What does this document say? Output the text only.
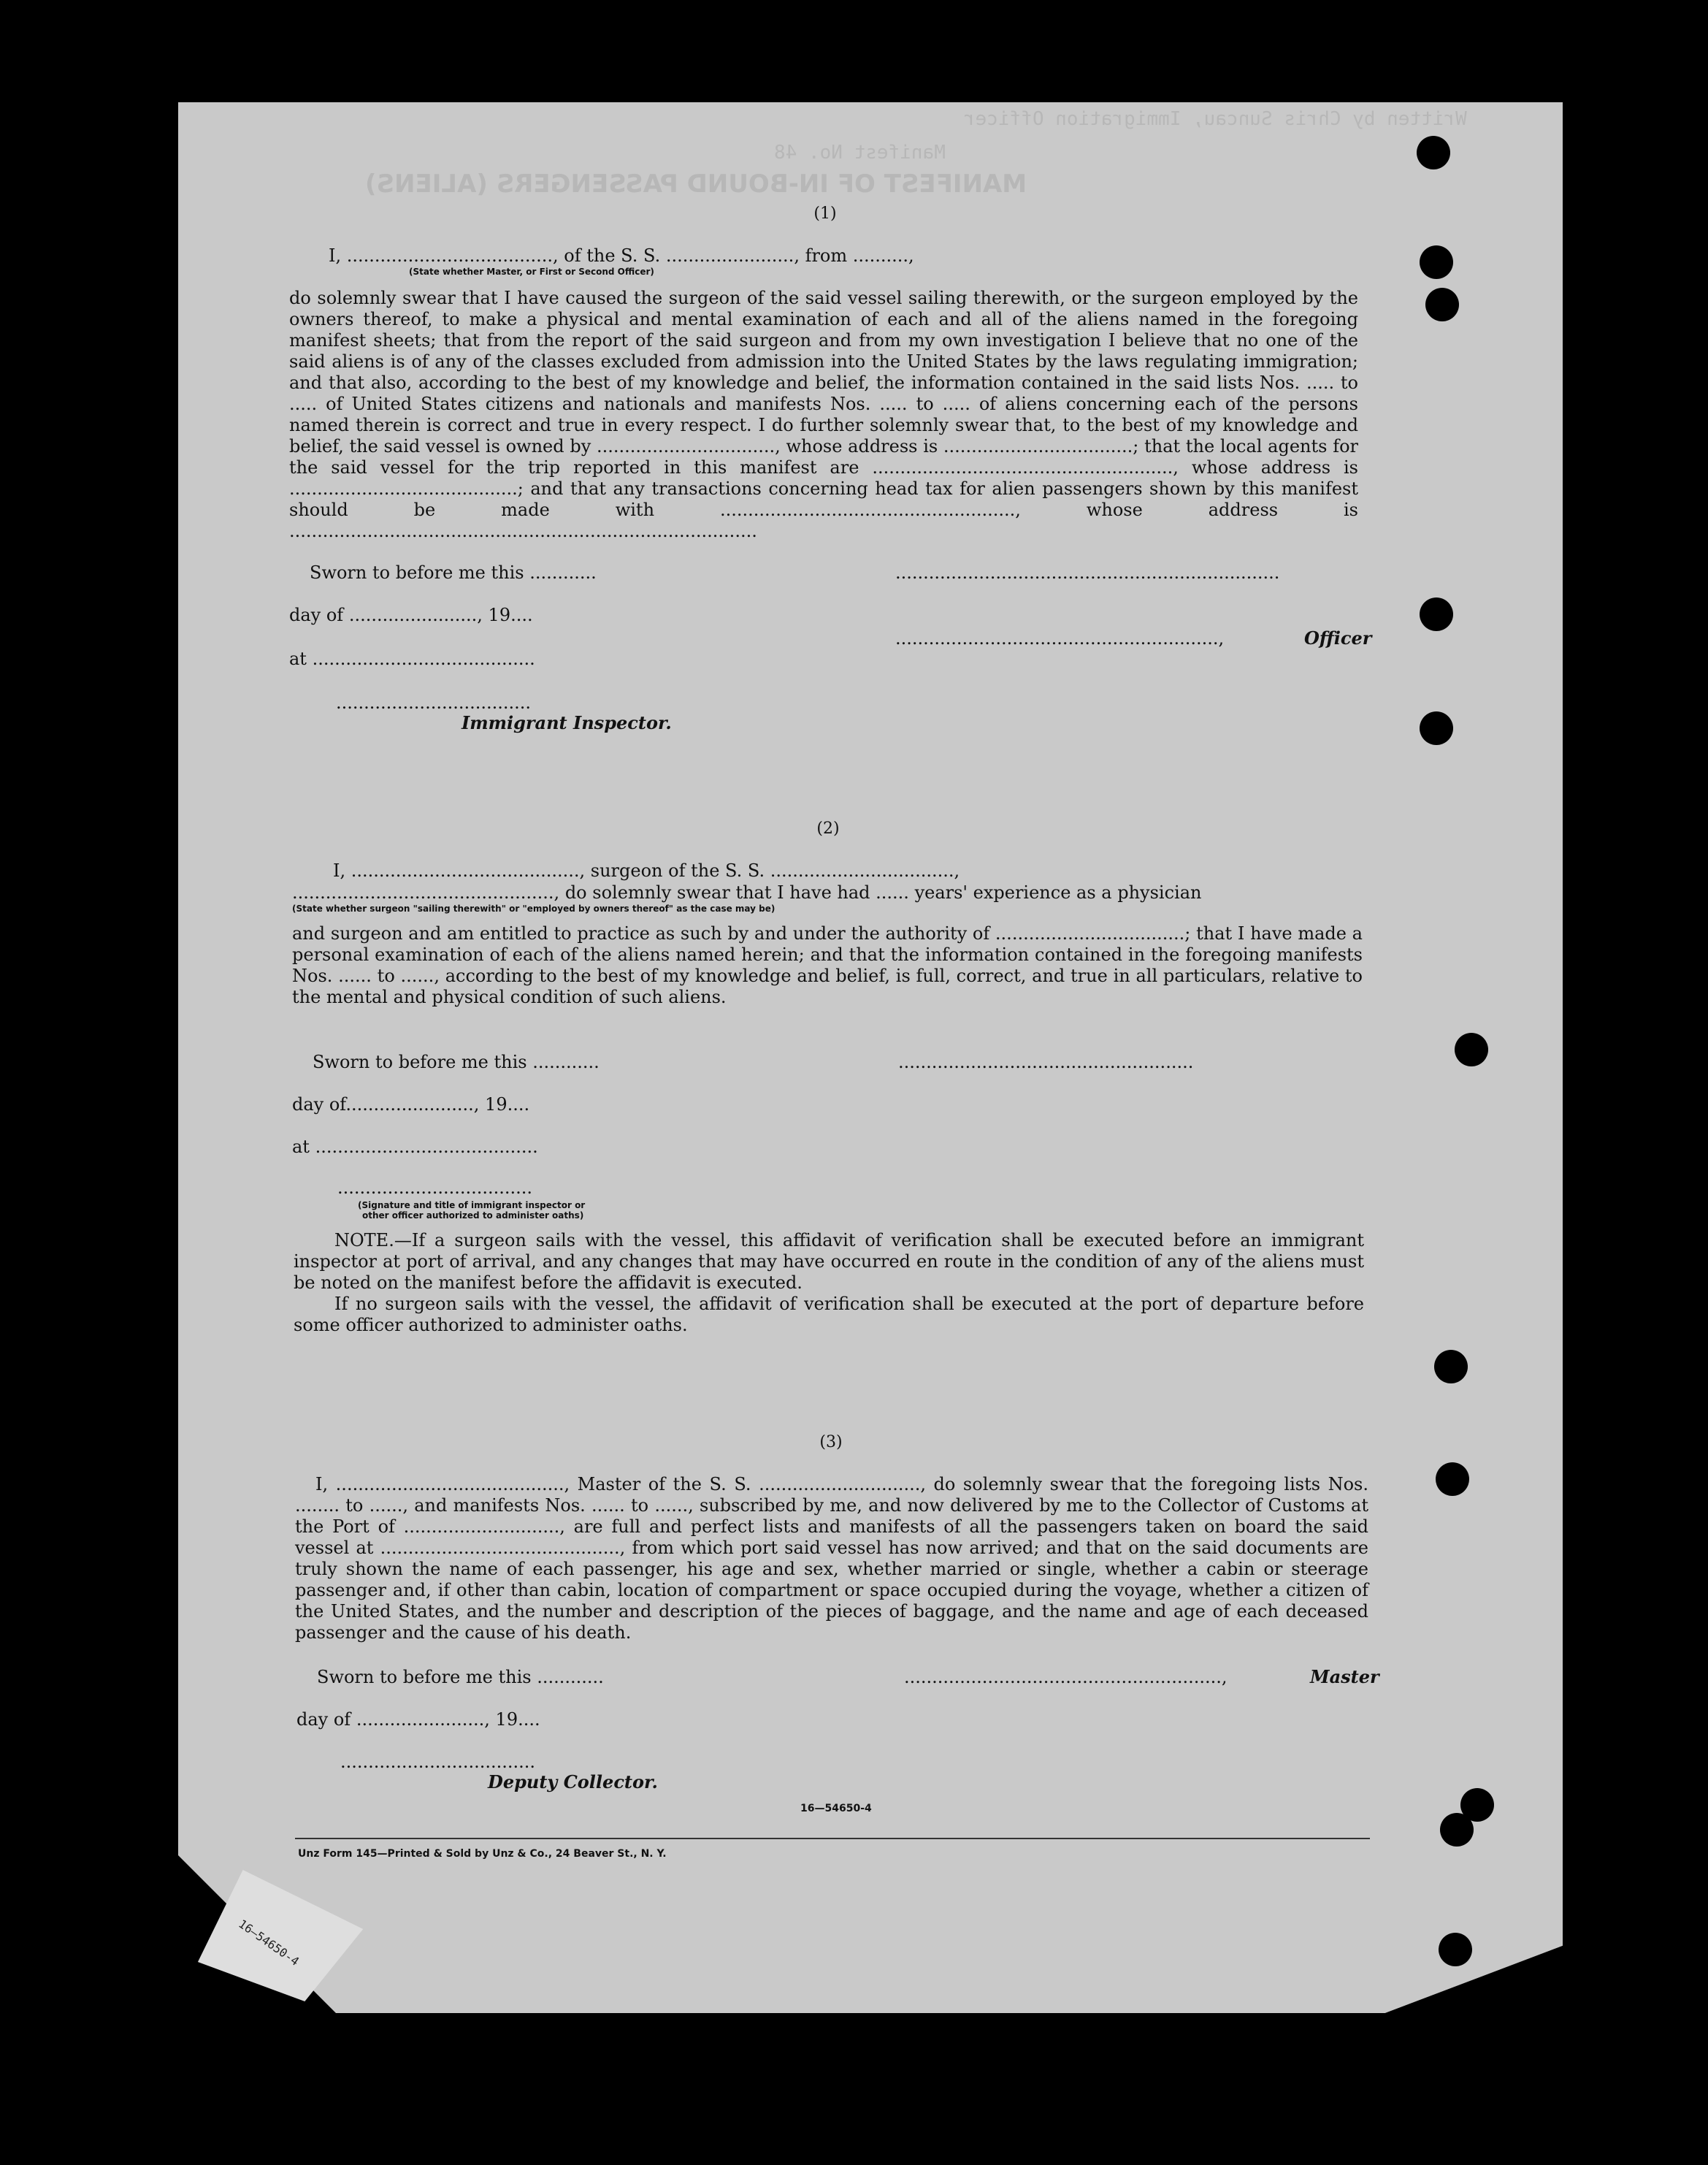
Written by Chris Suncau, Immigration Officer
MANIFEST OF IN-BOUND PASSENGERS (ALIENS)
Manifest No. 48
(1)
I, ....................................., of the S. S. ......................., from ..........,
(State whether Master, or First or Second Officer)
do solemnly swear that I have caused the surgeon of the said vessel sailing therewith, or the surgeon employed by the owners thereof, to make a physical and mental examination of each and all of the aliens named in the foregoing manifest sheets; that from the report of the said surgeon and from my own investigation I believe that no one of the said aliens is of any of the classes excluded from admission into the United States by the laws regulating immigration; and that also, according to the best of my knowledge and belief, the information contained in the said lists Nos. ..... to ..... of United States citizens and nationals and manifests Nos. ..... to ..... of aliens concerning each of the persons named therein is correct and true in every respect. I do further solemnly swear that, to the best of my knowledge and belief, the said vessel is owned by ................................, whose address is ..................................; that the local agents for the said vessel for the trip reported in this manifest are ......................................................, whose address is .........................................; and that any transactions concerning head tax for alien passengers shown by this manifest should be made with ....................................................., whose address is ....................................................................................
Sworn to before me this ............	.....................................................................
day of ......................., 19....
..........................................................,	Officer
at ........................................
...................................
Immigrant Inspector.
(2)
I, ........................................., surgeon of the S. S. .................................,
..............................................., do solemnly swear that I have had ...... years' experience as a physician
(State whether surgeon "sailing therewith" or "employed by owners thereof" as the case may be)
and surgeon and am entitled to practice as such by and under the authority of ..................................; that I have made a personal examination of each of the aliens named herein; and that the information contained in the foregoing manifests Nos. ...... to ......, according to the best of my knowledge and belief, is full, correct, and true in all particulars, relative to the mental and physical condition of such aliens.
Sworn to before me this ............	.....................................................
day of......................., 19....
at ........................................
...................................
(Signature and title of immigrant inspector or
other officer authorized to administer oaths)
NOTE.—If a surgeon sails with the vessel, this affidavit of verification shall be executed before an immigrant inspector at port of arrival, and any changes that may have occurred en route in the condition of any of the aliens must be noted on the manifest before the affidavit is executed.
If no surgeon sails with the vessel, the affidavit of verification shall be executed at the port of departure before some officer authorized to administer oaths.
(3)
I, ........................................., Master of the S. S. ............................., do solemnly swear that the foregoing lists Nos. ........ to ......, and manifests Nos. ...... to ......, subscribed by me, and now delivered by me to the Collector of Customs at the Port of ............................, are full and perfect lists and manifests of all the passengers taken on board the said vessel at ..........................................., from which port said vessel has now arrived; and that on the said documents are truly shown the name of each passenger, his age and sex, whether married or single, whether a cabin or steerage passenger and, if other than cabin, location of compartment or space occupied during the voyage, whether a citizen of the United States, and the number and description of the pieces of baggage, and the name and age of each deceased passenger and the cause of his death.
Sworn to before me this ............	.........................................................,	Master
day of ......................., 19....
...................................
Deputy Collector.
16—54650-4
Unz Form 145—Printed & Sold by Unz & Co., 24 Beaver St., N. Y.
16—54650-4
